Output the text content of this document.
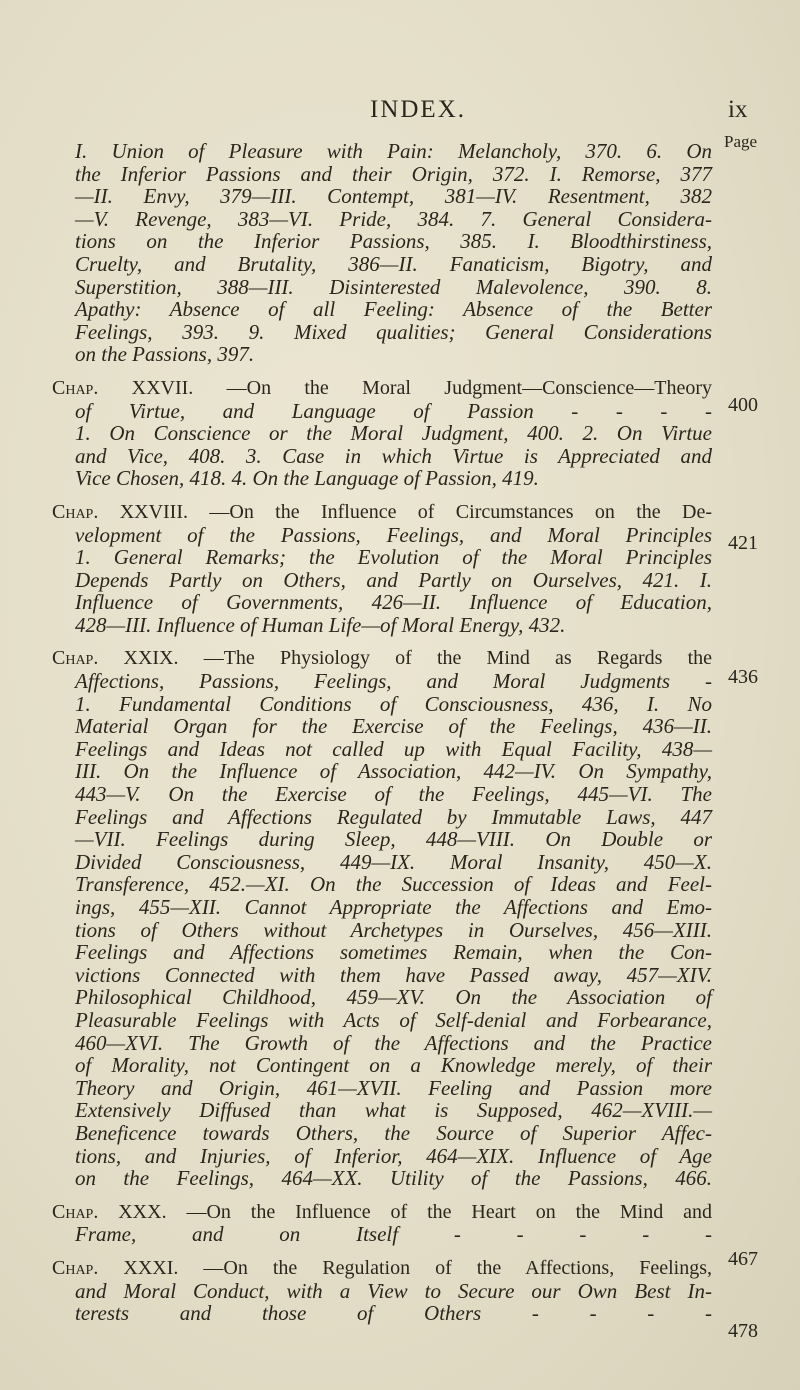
INDEX.	ix
Page
I. Union of Pleasure with Pain: Melancholy, 370. 6. On
the Inferior Passions and their Origin, 372. I. Remorse, 377
—II. Envy, 379—III. Contempt, 381—IV. Resentment, 382
—V. Revenge, 383—VI. Pride, 384. 7. General Considera-
tions on the Inferior Passions, 385. I. Bloodthirstiness,
Cruelty, and Brutality, 386—II. Fanaticism, Bigotry, and
Superstition, 388—III. Disinterested Malevolence, 390. 8.
Apathy: Absence of all Feeling: Absence of the Better
Feelings, 393. 9. Mixed qualities; General Considerations
on the Passions, 397.
Chap. XXVII. —On the Moral Judgment—Conscience—Theory
of Virtue, and Language of Passion - - - -
1. On Conscience or the Moral Judgment, 400. 2. On Virtue
and Vice, 408. 3. Case in which Virtue is Appreciated and
Vice Chosen, 418. 4. On the Language of Passion, 419.
Chap. XXVIII. —On the Influence of Circumstances on the De-
velopment of the Passions, Feelings, and Moral Principles
1. General Remarks; the Evolution of the Moral Principles
Depends Partly on Others, and Partly on Ourselves, 421. I.
Influence of Governments, 426—II. Influence of Education,
428—III. Influence of Human Life—of Moral Energy, 432.
Chap. XXIX. —The Physiology of the Mind as Regards the
Affections, Passions, Feelings, and Moral Judgments -
1. Fundamental Conditions of Consciousness, 436, I. No
Material Organ for the Exercise of the Feelings, 436—II.
Feelings and Ideas not called up with Equal Facility, 438—
III. On the Influence of Association, 442—IV. On Sympathy,
443—V. On the Exercise of the Feelings, 445—VI. The
Feelings and Affections Regulated by Immutable Laws, 447
—VII. Feelings during Sleep, 448—VIII. On Double or
Divided Consciousness, 449—IX. Moral Insanity, 450—X.
Transference, 452.—XI. On the Succession of Ideas and Feel-
ings, 455—XII. Cannot Appropriate the Affections and Emo-
tions of Others without Archetypes in Ourselves, 456—XIII.
Feelings and Affections sometimes Remain, when the Con-
victions Connected with them have Passed away, 457—XIV.
Philosophical Childhood, 459—XV. On the Association of
Pleasurable Feelings with Acts of Self-denial and Forbearance,
460—XVI. The Growth of the Affections and the Practice
of Morality, not Contingent on a Knowledge merely, of their
Theory and Origin, 461—XVII. Feeling and Passion more
Extensively Diffused than what is Supposed, 462—XVIII.—
Beneficence towards Others, the Source of Superior Affec-
tions, and Injuries, of Inferior, 464—XIX. Influence of Age
on the Feelings, 464—XX. Utility of the Passions, 466.
Chap. XXX. —On the Influence of the Heart on the Mind and
Frame, and on Itself - - - - -
Chap. XXXI. —On the Regulation of the Affections, Feelings,
and Moral Conduct, with a View to Secure our Own Best In-
terests and those of Others - - - -
400
421
436
467
478
